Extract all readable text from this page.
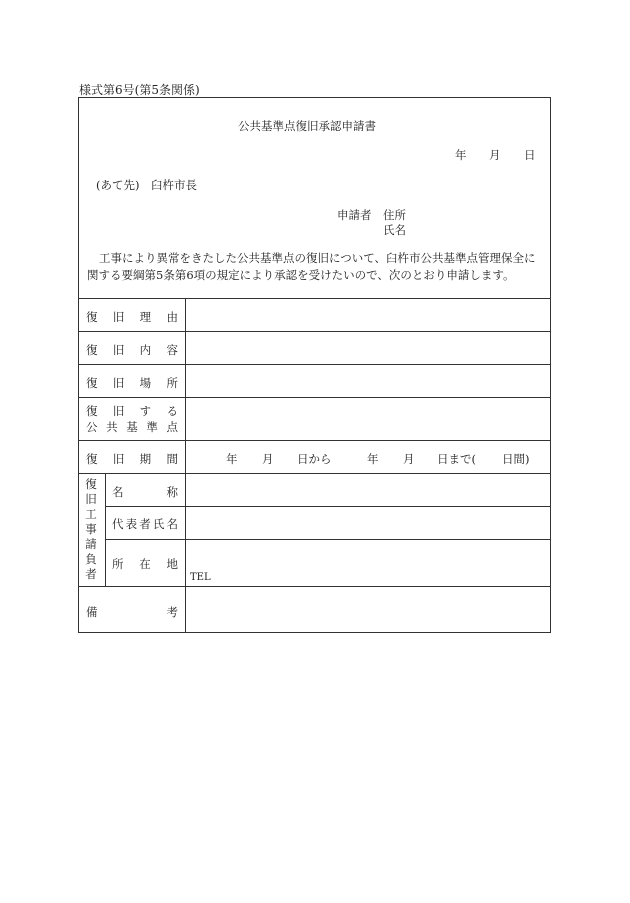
様式第6号(第5条関係)
公共基準点復旧承認申請書
年 月 日
(あて先)　臼杵市長
申請者 住所
氏名
工事により異常をきたした公共基準点の復旧について、臼杵市公共基準点管理保全に関する要綱第5条第6項の規定により承認を受けたいので、次のとおり申請します。
復 旧 理 由
復 旧 内 容
復 旧 場 所
復 旧 す る
公 共 基 準 点
復 旧 期 間	年 月 日から	年 月 日まで( 日間)
復
旧
工
事
請
負
者
名	称
代 表 者 氏 名
所 在 地
TEL
備	考
